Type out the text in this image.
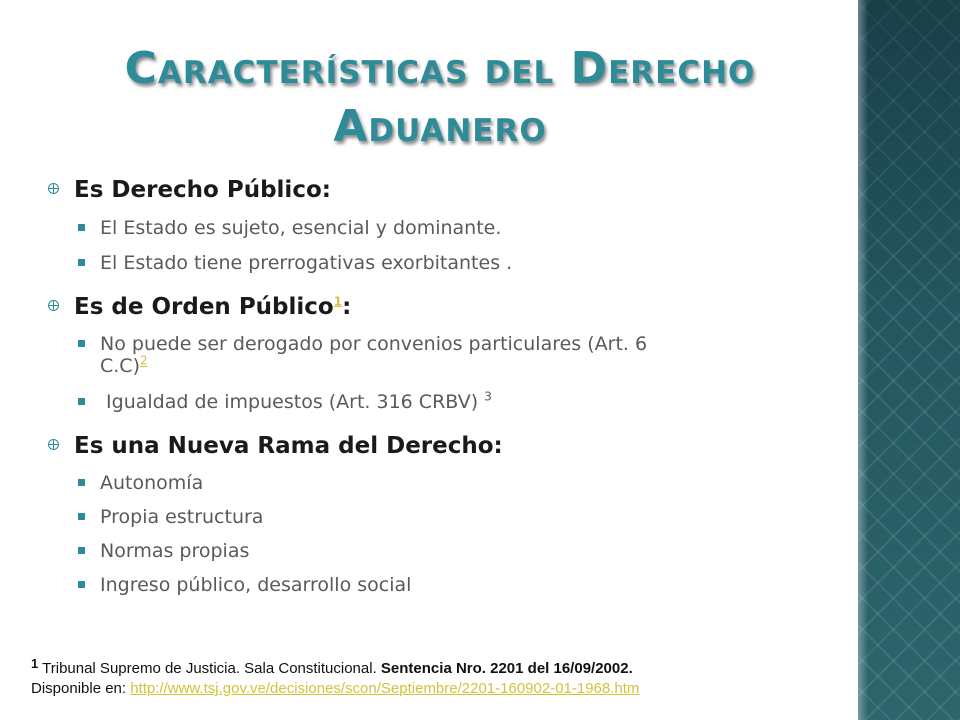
Características del Derecho
Aduanero
Es Derecho Público:
El Estado es sujeto, esencial y dominante.
El Estado tiene prerrogativas exorbitantes .
Es de Orden Público$^1$:
No puede ser derogado por convenios particulares (Art. 6
C.C)$^2$
Igualdad de impuestos (Art. 316 CRBV) $^3$
Es una Nueva Rama del Derecho:
Autonomía
Propia estructura
Normas propias
Ingreso público, desarrollo social
1 Tribunal Supremo de Justicia. Sala Constitucional. Sentencia Nro. 2201 del 16/09/2002.
Disponible en: http://www.tsj.gov.ve/decisiones/scon/Septiembre/2201-160902-01-1968.htm
